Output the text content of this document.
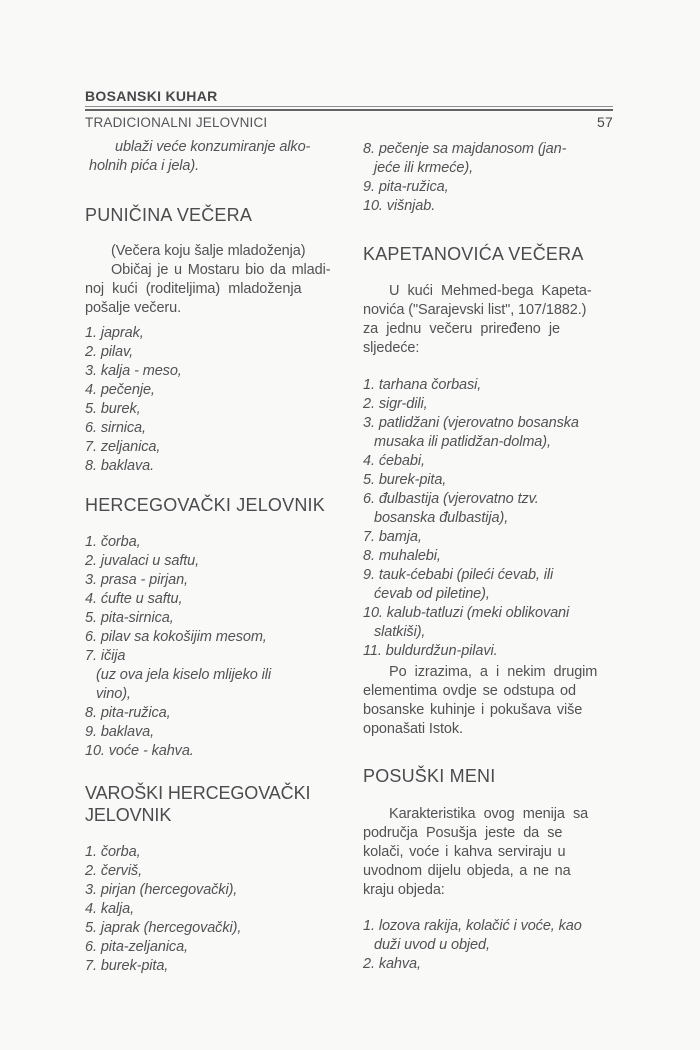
BOSANSKI KUHAR
TRADICIONALNI JELOVNICI	57
ublaži veće konzumiranje alko-
holnih pića i jela).
PUNIČINA VEČERA
(Večera koju šalje mladoženja)
Običaj je u Mostaru bio da mladi-
noj kući (roditeljima) mladoženja
pošalje večeru.
1. japrak,
2. pilav,
3. kalja - meso,
4. pečenje,
5. burek,
6. sirnica,
7. zeljanica,
8. baklava.
HERCEGOVAČKI JELOVNIK
1. čorba,
2. juvalaci u saftu,
3. prasa - pirjan,
4. ćufte u saftu,
5. pita-sirnica,
6. pilav sa kokošijim mesom,
7. ičija
(uz ova jela kiselo mlijeko ili
vino),
8. pita-ružica,
9. baklava,
10. voće - kahva.
VAROŠKI HERCEGOVAČKI
JELOVNIK
1. čorba,
2. červiš,
3. pirjan (hercegovački),
4. kalja,
5. japrak (hercegovački),
6. pita-zeljanica,
7. burek-pita,
8. pečenje sa majdanosom (jan-
jeće ili krmeće),
9. pita-ružica,
10. višnjab.
KAPETANOVIĆA VEČERA
U kući Mehmed-bega Kapeta-
novića ("Sarajevski list", 107/1882.)
za jednu večeru priređeno je
sljedeće:
1. tarhana čorbasi,
2. sigr-dili,
3. patlidžani (vjerovatno bosanska
musaka ili patlidžan-dolma),
4. ćebabi,
5. burek-pita,
6. đulbastija (vjerovatno tzv.
bosanska đulbastija),
7. bamja,
8. muhalebi,
9. tauk-ćebabi (pileći ćevab, ili
ćevab od piletine),
10. kalub-tatluzi (meki oblikovani
slatkiši),
11. buldurdžun-pilavi.
Po izrazima, a i nekim drugim
elementima ovdje se odstupa od
bosanske kuhinje i pokušava više
oponašati Istok.
POSUŠKI MENI
Karakteristika ovog menija sa
područja Posušja jeste da se
kolači, voće i kahva serviraju u
uvodnom dijelu objeda, a ne na
kraju objeda:
1. lozova rakija, kolačić i voće, kao
duži uvod u objed,
2. kahva,
